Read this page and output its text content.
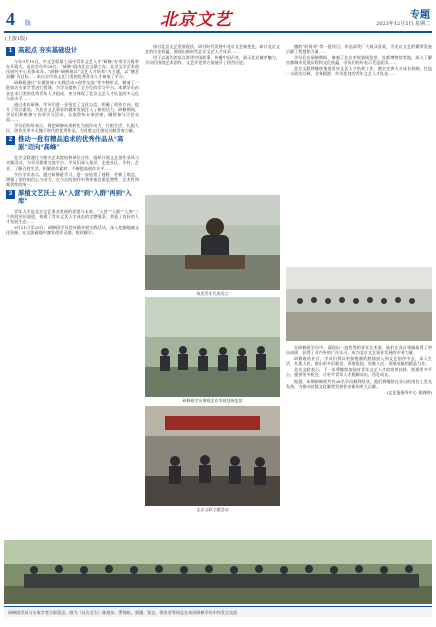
4 版	北京文艺	专题
2023年12月5日 星期二
(上接1版)
1 高起点 夯实基础设计

今年9月15日，中文艺联第七届中青年文艺人才“研修”专项学习班举办开班式。此次学员共28名。“研修”班由北京文联主办，北京文学艺术创作研究中心具体承办。“研修”研修班以“文艺人才培养”为主题，以“德艺双馨”为目标……来自全市各文艺门类的优秀青年人才参加了学习。

研修班通过“专题讲座+实践活动+创作交流”等多种形式，邀请了一批知名专家学者进行授课，为学员提供了全方位的学习平台。本期学员由各艺术门类的优秀青年人才组成，充分体现了北京文艺人才队伍的多元化与高水平……

通过本次研修，学员们进一步坚定了文化自信，明确了创作方向，提升了综合素质，为北京文艺事业的繁荣发展注入了新的活力。研修期间，学员们积极参与各项学习活动，认真聆听专家讲座，踊跃参与讨论交流……

学员们纷纷表示，将把研修成果转化为创作动力，扎根生活、扎根人民，创作出更多无愧于时代的优秀作品，为首都文化建设贡献青春力量。

2 推动一批有精品追求的优秀作品从“高原”迈向“高峰”

北京文联通过与相关艺术院校和单位合作，组织开展文艺创作采风与实践活动，为学员搭建交流平台。学员们深入基层，走进社区、乡村、企业，了解百姓生活，积累创作素材，不断提高创作水平……

多位学员表示，通过研修班学习，进一步拓宽了视野，更新了观念，增强了创作的信心与动力，在今后的创作中将更加注重思想性、艺术性和观赏性的统一。

3 厚植文艺沃土 从“入营”到“入群”再到“入库”

青年人才是北京文艺事业发展的希望与未来。“入营”“入群”“入库”三个阶段层层递进，构建了青年文艺人才成长的完整链条，营造了良好的人才发展生态……

9月21日至25日，研修班学员赴外地开展实践活动，深入挖掘地域文化资源，在交流碰撞中激发创作灵感，收获颇丰。

探讨北京文艺发展现状，研讨时代发展中北京文艺新变化，研讨北京文艺的历史底蕴，展现出新时代北京文艺人才风采……

用于以现代的语言讲述中国故事，传播中国声音，展示北京城市魅力。学员们围绕艺术创作、文艺评论等方面展开了热烈讨论。

陈述青年代表发言
研修班学员参观北京市规划展览馆
北京文联主题活动

播的“时时讲”等一批项目，作品深受广大观众喜爱，为北京文艺的繁荣发展贡献了智慧和力量……

学员们在研修期间，参观了北京市规划展览馆、首都博物馆等地，深入了解首都城市发展历程和文化底蕴，学员们纷纷表示受益匪浅……

北京文联将继续推进青年文艺人才培养工作，健全完善人才成长机制，打造一支政治过硬、业务精湛、作风优良的青年文艺人才队伍……

在研修班学员中，涌现出一批优秀的青年艺术家，他们在各自领域取得了突出成绩，获得了业内外的广泛认可，成为北京文艺事业发展的中坚力量。

研修班结业后，学员们将以更加饱满的热情投入到文艺创作中去，深入生活、扎根人民，推出更多讴歌党、讴歌祖国、讴歌人民、讴歌英雄的精品力作。

北京文联表示，下一步将继续加强对青年文艺人才的培养扶持，搭建更多平台，提供更多机会，让更多青年人才脱颖而出、茁壮成长。

据悉，本期研修班共有28名学员顺利结业，他们将继续在各自的岗位上发光发热，为推动首都文化繁荣发展作出新的更大贡献。

(文艺报指导中心 张晓明)
研修班学员与专家学者合影留念。图为（从左至右）陈旭东、罗锡佑、郭涵、张宜、徐亚君等同志在本次研修学员中作发言交流
